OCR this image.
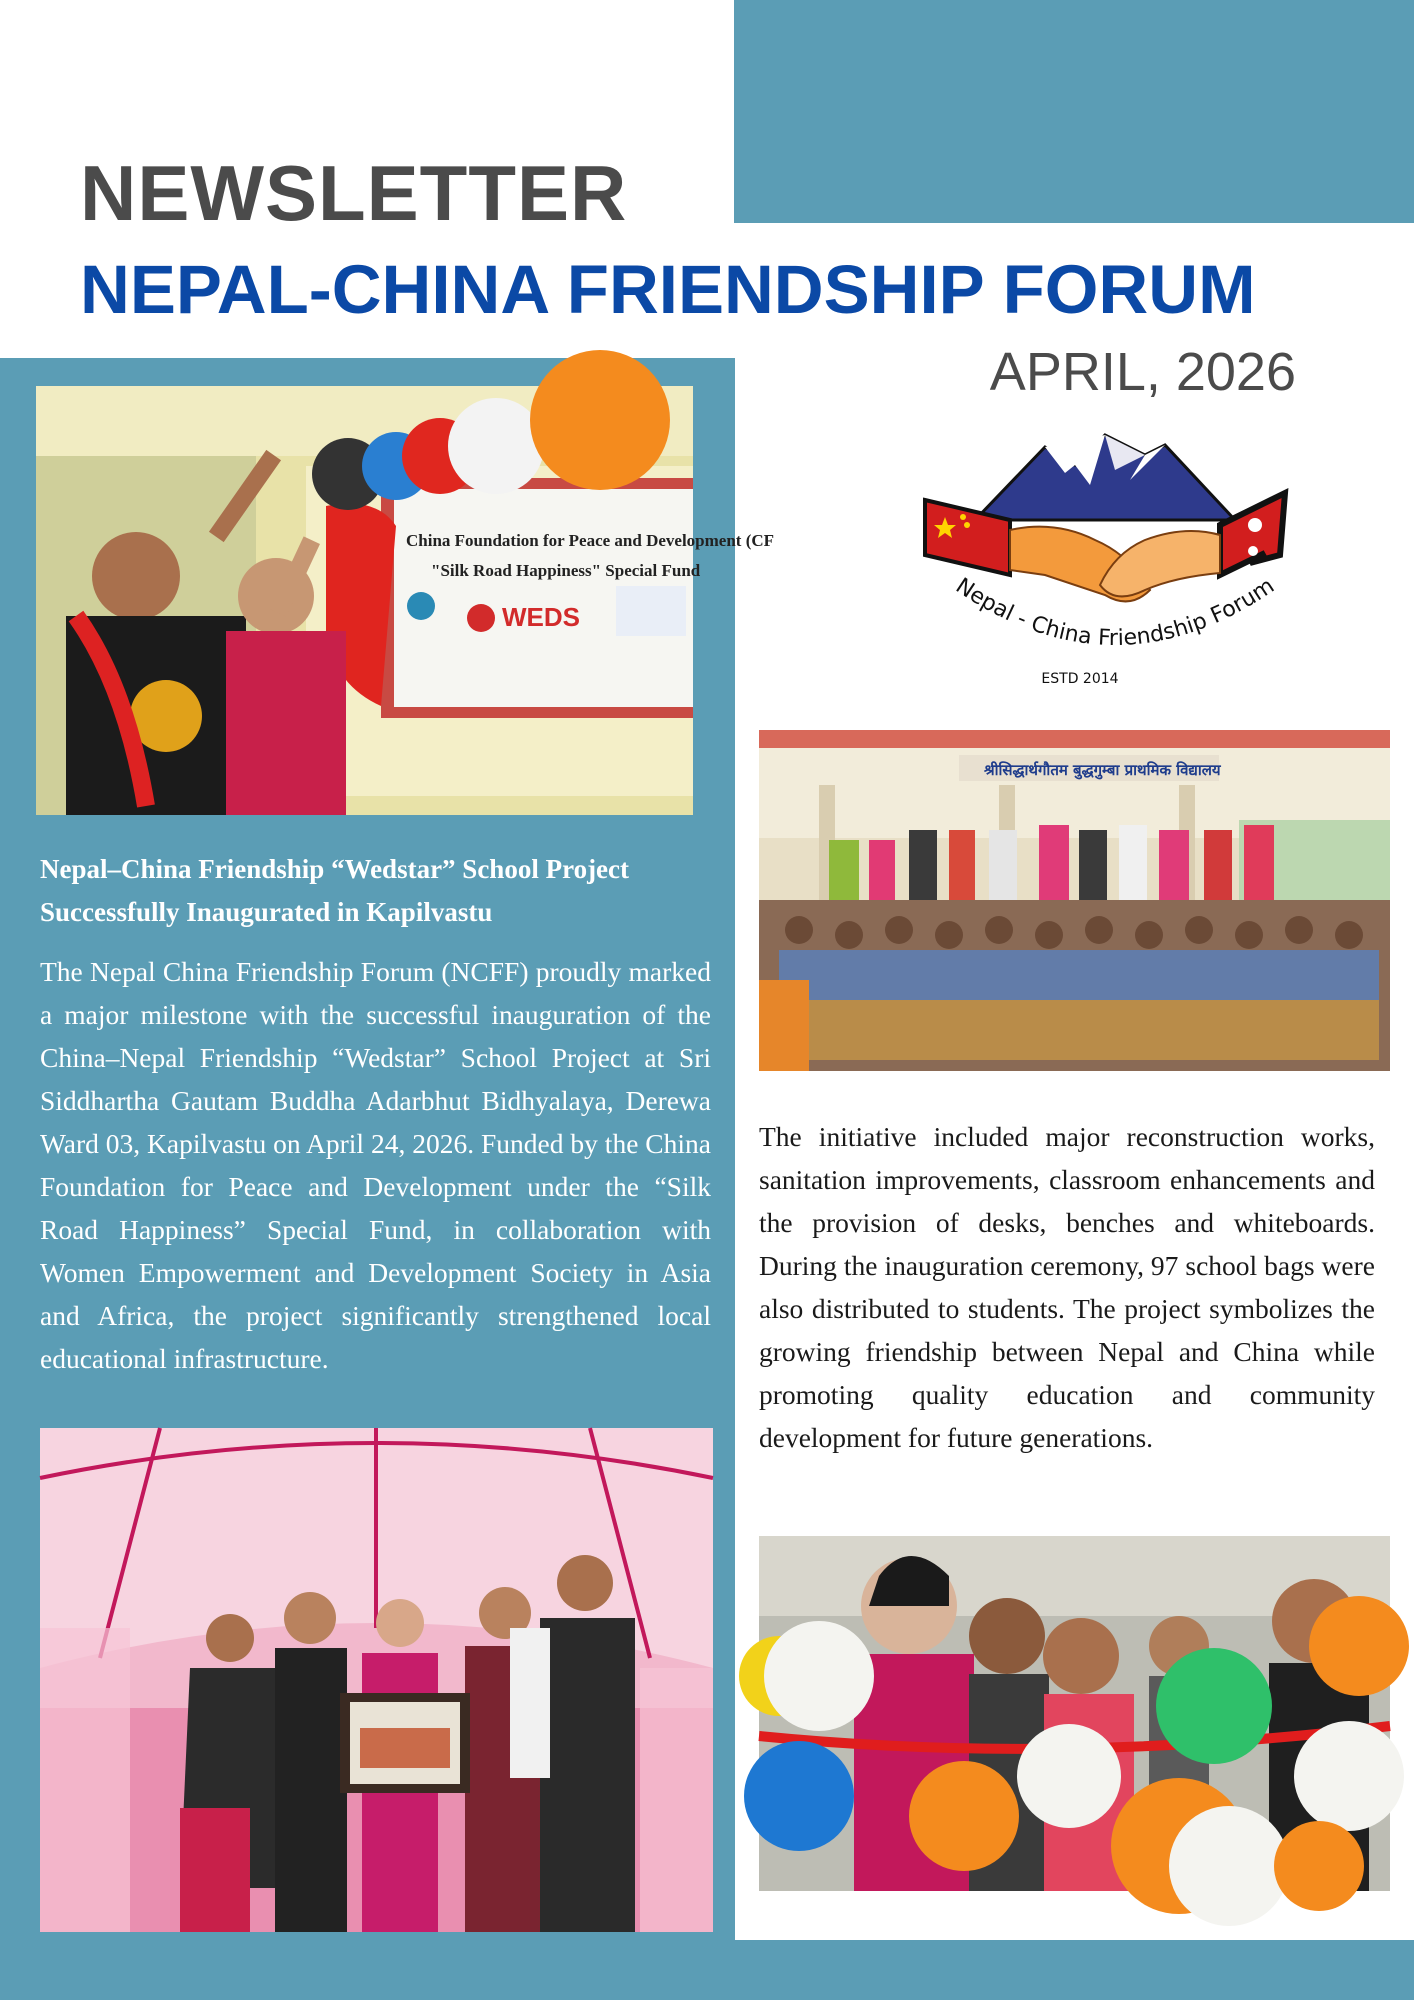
NEWSLETTER
NEPAL-CHINA FRIENDSHIP FORUM
APRIL, 2026
Nepal - China Friendship Forum
ESTD 2014
China Foundation for Peace and Development (CF
"Silk Road Happiness" Special Fund
WEDS
Nepal–China Friendship “Wedstar” School Project Successfully Inaugurated in Kapilvastu
The Nepal China Friendship Forum (NCFF) proudly marked a major milestone with the successful inauguration of the China–Nepal Friendship “Wedstar” School Project at Sri Siddhartha Gautam Buddha Adarbhut Bidhyalaya, Derewa Ward 03, Kapilvastu on April 24, 2026. Funded by the China Foundation for Peace and Development under the “Silk Road Happiness” Special Fund, in collaboration with Women Empowerment and Development Society in Asia and Africa, the project significantly strengthened local educational infrastructure.
श्रीसिद्धार्थगौतम बुद्धगुम्बा प्राथमिक विद्यालय
The initiative included major reconstruction works, sanitation improvements, classroom enhancements and the provision of desks, benches and whiteboards. During the inauguration ceremony, 97 school bags were also distributed to students. The project symbolizes the growing friendship between Nepal and China while promoting quality education and community development for future generations.
